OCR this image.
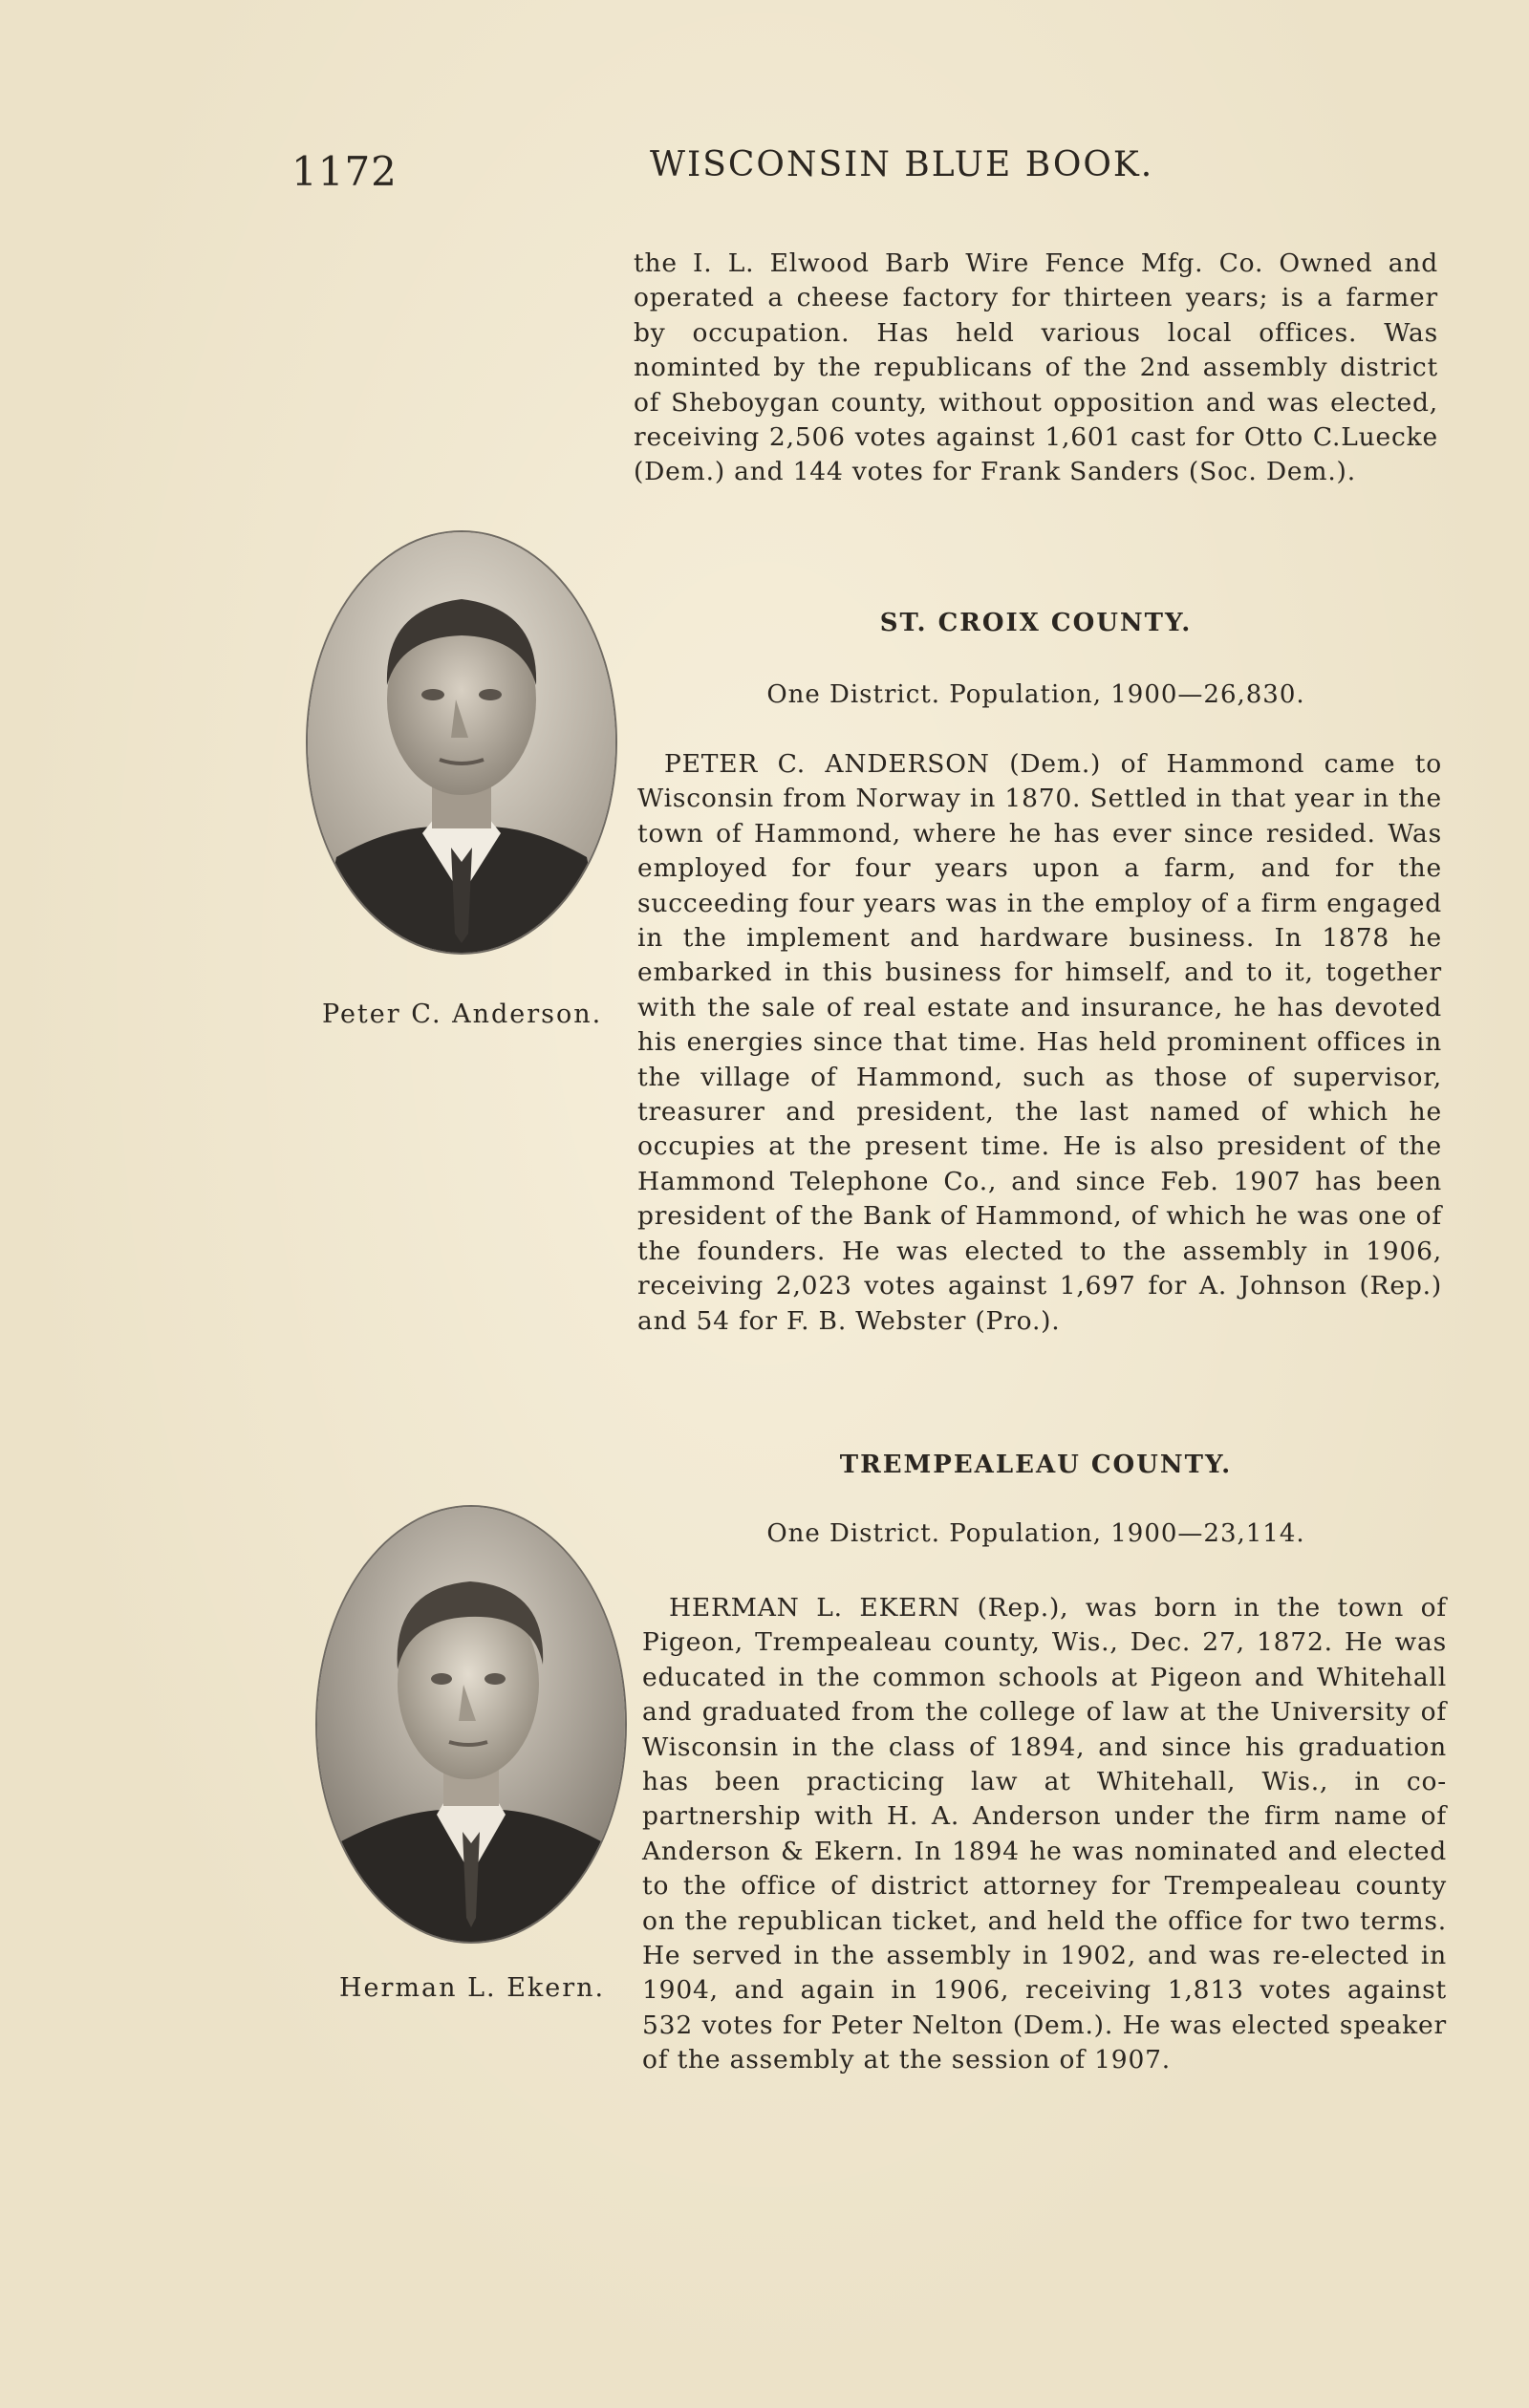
1172	WISCONSIN BLUE BOOK.

the I. L. Elwood Barb Wire Fence Mfg. Co. Owned and operated a cheese factory for thirteen years; is a farmer by occupation. Has held various local offices. Was nominted by the republicans of the 2nd assembly district of Sheboygan county, without opposition and was elected, receiving 2,506 votes against 1,601 cast for Otto C.Luecke (Dem.) and 144 votes for Frank Sanders (Soc. Dem.).

Peter C. Anderson.
ST. CROIX COUNTY.
One District. Population, 1900—26,830.

PETER C. ANDERSON (Dem.) of Hammond came to Wisconsin from Norway in 1870. Settled in that year in the town of Hammond, where he has ever since resided. Was employed for four years upon a farm, and for the succeeding four years was in the employ of a firm engaged in the implement and hardware business. In 1878 he embarked in this business for himself, and to it, together with the sale of real estate and insurance, he has devoted his energies since that time. Has held prominent offices in the village of Hammond, such as those of supervisor, treasurer and president, the last named of which he occupies at the present time. He is also president of the Hammond Telephone Co., and since Feb. 1907 has been president of the Bank of Hammond, of which he was one of the founders. He was elected to the assembly in 1906, receiving 2,023 votes against 1,697 for A. Johnson (Rep.) and 54 for F. B. Webster (Pro.).

Herman L. Ekern.
TREMPEALEAU COUNTY.
One District. Population, 1900—23,114.

HERMAN L. EKERN (Rep.), was born in the town of Pigeon, Trempealeau county, Wis., Dec. 27, 1872. He was educated in the common schools at Pigeon and Whitehall and graduated from the college of law at the University of Wisconsin in the class of 1894, and since his graduation has been practicing law at Whitehall, Wis., in co-partnership with H. A. Anderson under the firm name of Anderson & Ekern. In 1894 he was nominated and elected to the office of district attorney for Trempealeau county on the republican ticket, and held the office for two terms. He served in the assembly in 1902, and was re-elected in 1904, and again in 1906, receiving 1,813 votes against 532 votes for Peter Nelton (Dem.). He was elected speaker of the assembly at the session of 1907.
